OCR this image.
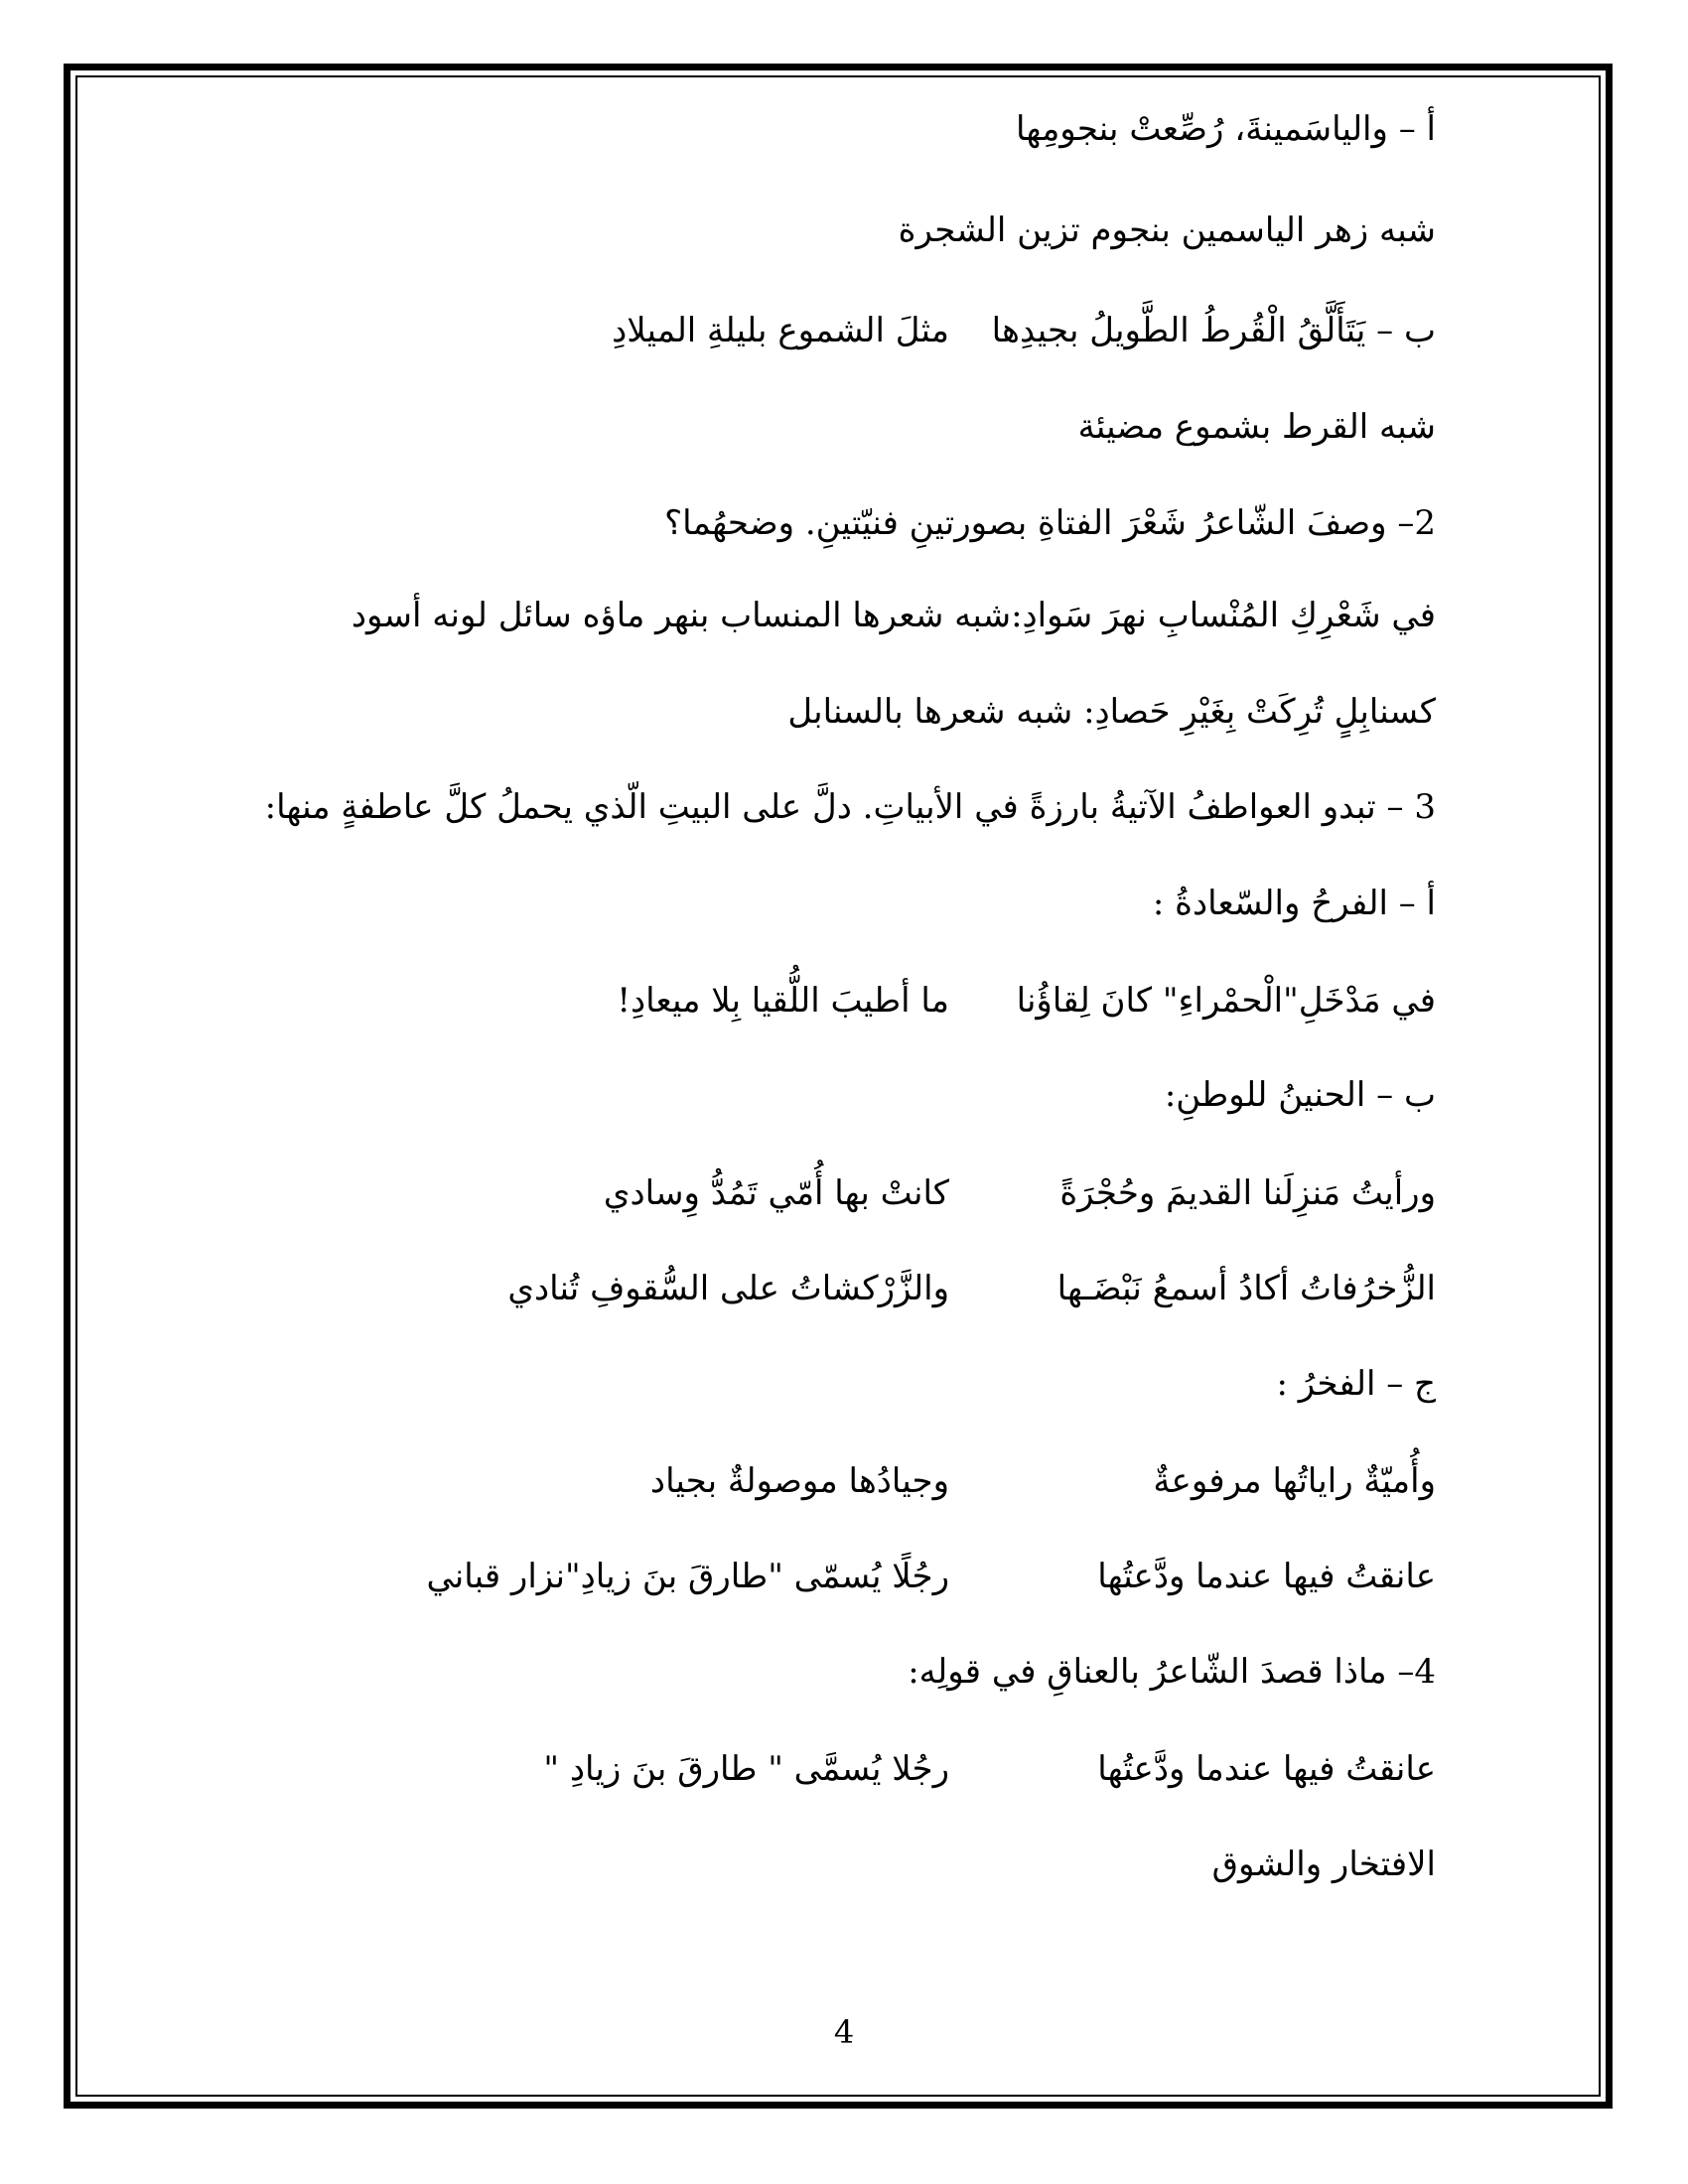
أ – والياسَمينةَ، رُصِّعتْ بنجومِها
شبه زهر الياسمين بنجوم تزين الشجرة
ب – يَتَأَلَّقُ الْقُرطُ الطَّويلُ بجيدِها
مثلَ الشموع بليلةِ الميلادِ
شبه القرط بشموع مضيئة
2– وصفَ الشّاعرُ شَعْرَ الفتاةِ بصورتينِ فنيّتينِ. وضحهُما؟
في شَعْرِكِ المُنْسابِ نهرَ سَوادِ:شبه شعرها المنساب بنهر ماؤه سائل لونه أسود
كسنابِلٍ تُرِكَتْ بِغَيْرِ حَصادِ: شبه شعرها بالسنابل
3 – تبدو العواطفُ الآتيةُ بارزةً في الأبياتِ. دلَّ على البيتِ الّذي يحملُ كلَّ عاطفةٍ منها:
أ – الفرحُ والسّعادةُ :
في مَدْخَلِ"الْحمْراءِ" كانَ لِقاؤُنا
ما أطيبَ اللُّقيا بِلا ميعادِ!
ب – الحنينُ للوطنِ:
ورأيتُ مَنزِلَنا القديمَ وحُجْرَةً
كانتْ بها أُمّي تَمُدُّ وِسادي
الزُّخرُفاتُ أكادُ أسمعُ نَبْضَـها
والزَّرْكشاتُ على السُّقوفِ تُنادي
ج – الفخرُ :
وأُميّةٌ راياتُها مرفوعةٌ
وجيادُها موصولةٌ بجياد
عانقتُ فيها عندما ودَّعتُها
رجُلًا يُسمّى "طارقَ بنَ زيادِ"نزار قباني
4– ماذا قصدَ الشّاعرُ بالعناقِ في قولِه:
عانقتُ فيها عندما ودَّعتُها
رجُلا يُسمَّى " طارقَ بنَ زيادِ "
الافتخار والشوق
4
